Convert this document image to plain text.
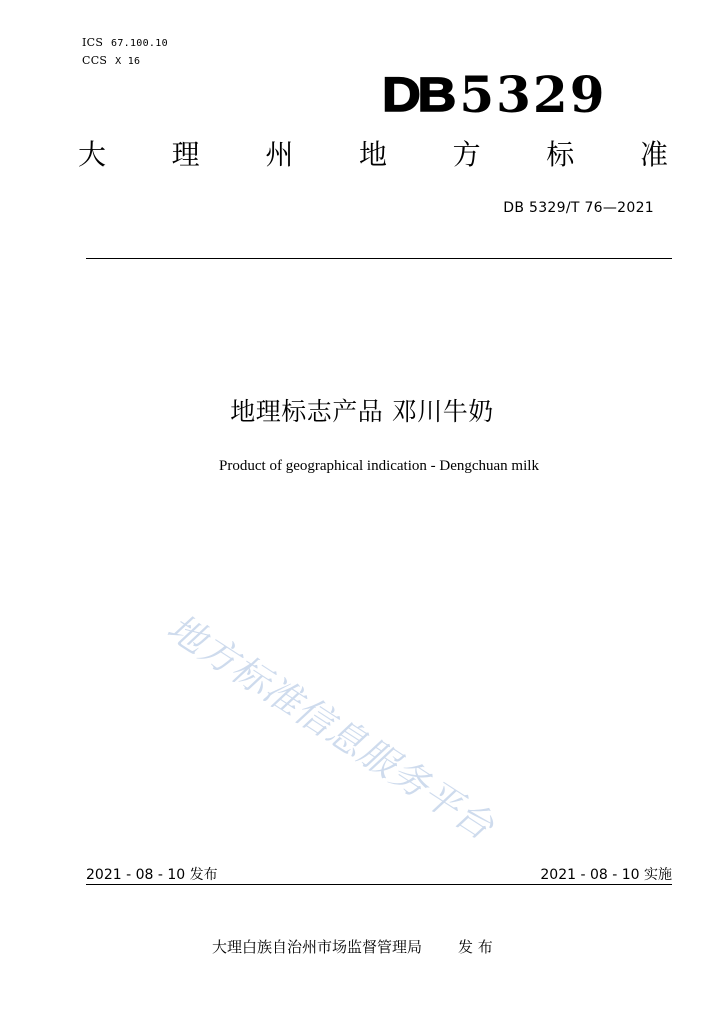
ICS 67.100.10
CCS X 16
DB 5329
大 理 州 地 方 标 准
DB 5329/T 76—2021
地理标志产品 邓川牛奶
Product of geographical indication - Dengchuan milk
地方标准信息服务平台
2021 - 08 - 10 发布	2021 - 08 - 10 实施
大理白族自治州市场监督管理局 发 布
